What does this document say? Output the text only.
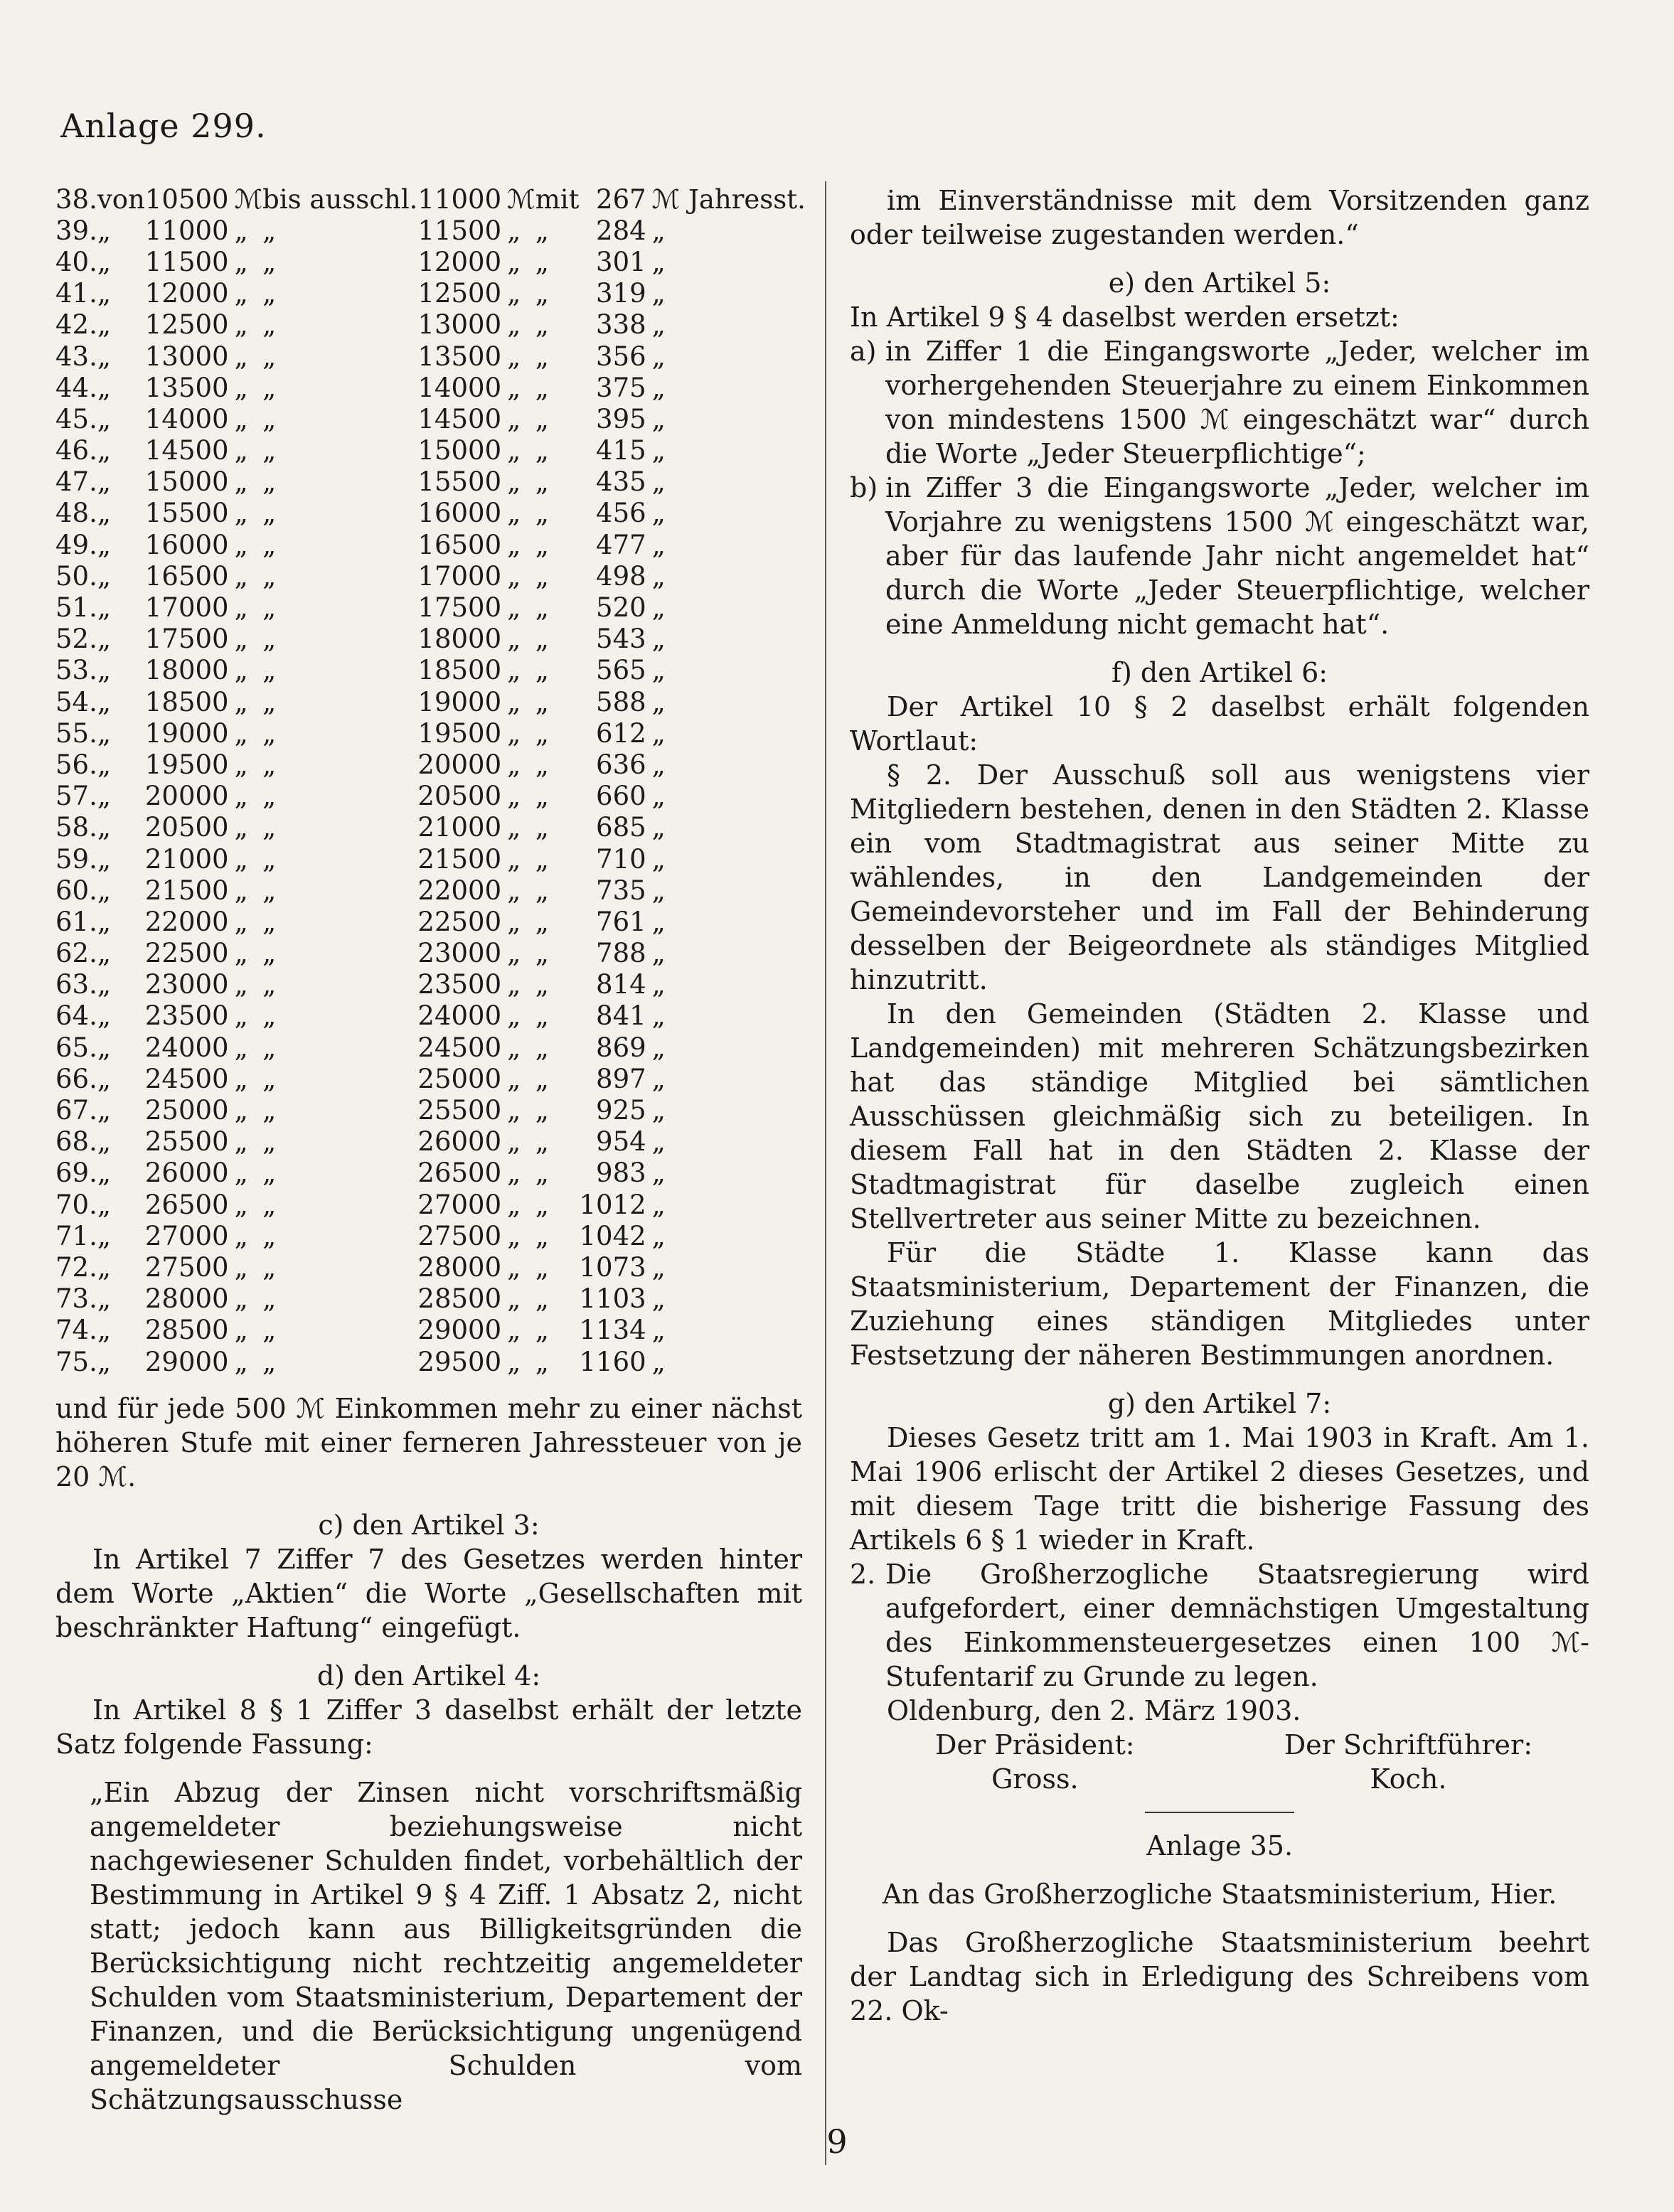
Anlage 299.
38.	von	10500	ℳ	bis ausschl.	11000	ℳ	mit	267	ℳ Jahresst.
39.	„	11000	„	„	11500	„	„	284	„
40.	„	11500	„	„	12000	„	„	301	„
41.	„	12000	„	„	12500	„	„	319	„
42.	„	12500	„	„	13000	„	„	338	„
43.	„	13000	„	„	13500	„	„	356	„
44.	„	13500	„	„	14000	„	„	375	„
45.	„	14000	„	„	14500	„	„	395	„
46.	„	14500	„	„	15000	„	„	415	„
47.	„	15000	„	„	15500	„	„	435	„
48.	„	15500	„	„	16000	„	„	456	„
49.	„	16000	„	„	16500	„	„	477	„
50.	„	16500	„	„	17000	„	„	498	„
51.	„	17000	„	„	17500	„	„	520	„
52.	„	17500	„	„	18000	„	„	543	„
53.	„	18000	„	„	18500	„	„	565	„
54.	„	18500	„	„	19000	„	„	588	„
55.	„	19000	„	„	19500	„	„	612	„
56.	„	19500	„	„	20000	„	„	636	„
57.	„	20000	„	„	20500	„	„	660	„
58.	„	20500	„	„	21000	„	„	685	„
59.	„	21000	„	„	21500	„	„	710	„
60.	„	21500	„	„	22000	„	„	735	„
61.	„	22000	„	„	22500	„	„	761	„
62.	„	22500	„	„	23000	„	„	788	„
63.	„	23000	„	„	23500	„	„	814	„
64.	„	23500	„	„	24000	„	„	841	„
65.	„	24000	„	„	24500	„	„	869	„
66.	„	24500	„	„	25000	„	„	897	„
67.	„	25000	„	„	25500	„	„	925	„
68.	„	25500	„	„	26000	„	„	954	„
69.	„	26000	„	„	26500	„	„	983	„
70.	„	26500	„	„	27000	„	„	1012	„
71.	„	27000	„	„	27500	„	„	1042	„
72.	„	27500	„	„	28000	„	„	1073	„
73.	„	28000	„	„	28500	„	„	1103	„
74.	„	28500	„	„	29000	„	„	1134	„
75.	„	29000	„	„	29500	„	„	1160	„

und für jede 500 ℳ Einkommen mehr zu einer nächst höheren Stufe mit einer ferneren Jahressteuer von je 20 ℳ.

c) den Artikel 3:

In Artikel 7 Ziffer 7 des Gesetzes werden hinter dem Worte „Aktien“ die Worte „Gesellschaften mit beschränkter Haftung“ eingefügt.

d) den Artikel 4:

In Artikel 8 § 1 Ziffer 3 daselbst erhält der letzte Satz folgende Fassung:

„Ein Abzug der Zinsen nicht vorschriftsmäßig angemeldeter beziehungsweise nicht nachgewiesener Schulden findet, vorbehältlich der Bestimmung in Artikel 9 § 4 Ziff. 1 Absatz 2, nicht statt; jedoch kann aus Billigkeitsgründen die Berücksichtigung nicht rechtzeitig angemeldeter Schulden vom Staatsministerium, Departement der Finanzen, und die Berücksichtigung ungenügend angemeldeter Schulden vom Schätzungsausschusse

im Einverständnisse mit dem Vorsitzenden ganz oder teilweise zugestanden werden.“

e) den Artikel 5:

In Artikel 9 § 4 daselbst werden ersetzt:

a) in Ziffer 1 die Eingangsworte „Jeder, welcher im vorhergehenden Steuerjahre zu einem Einkommen von mindestens 1500 ℳ eingeschätzt war“ durch die Worte „Jeder Steuerpflichtige“;
b) in Ziffer 3 die Eingangsworte „Jeder, welcher im Vorjahre zu wenigstens 1500 ℳ eingeschätzt war, aber für das laufende Jahr nicht angemeldet hat“ durch die Worte „Jeder Steuerpflichtige, welcher eine Anmeldung nicht gemacht hat“.

f) den Artikel 6:

Der Artikel 10 § 2 daselbst erhält folgenden Wortlaut:

§ 2. Der Ausschuß soll aus wenigstens vier Mitgliedern bestehen, denen in den Städten 2. Klasse ein vom Stadtmagistrat aus seiner Mitte zu wählendes, in den Landgemeinden der Gemeindevorsteher und im Fall der Behinderung desselben der Beigeordnete als ständiges Mitglied hinzutritt.

In den Gemeinden (Städten 2. Klasse und Landgemeinden) mit mehreren Schätzungsbezirken hat das ständige Mitglied bei sämtlichen Ausschüssen gleichmäßig sich zu beteiligen. In diesem Fall hat in den Städten 2. Klasse der Stadtmagistrat für daselbe zugleich einen Stellvertreter aus seiner Mitte zu bezeichnen.

Für die Städte 1. Klasse kann das Staatsministerium, Departement der Finanzen, die Zuziehung eines ständigen Mitgliedes unter Festsetzung der näheren Bestimmungen anordnen.

g) den Artikel 7:

Dieses Gesetz tritt am 1. Mai 1903 in Kraft. Am 1. Mai 1906 erlischt der Artikel 2 dieses Gesetzes, und mit diesem Tage tritt die bisherige Fassung des Artikels 6 § 1 wieder in Kraft.

2. Die Großherzogliche Staatsregierung wird aufgefordert, einer demnächstigen Umgestaltung des Einkommensteuergesetzes einen 100 ℳ-Stufentarif zu Grunde zu legen.

Oldenburg, den 2. März 1903.

Der Präsident:
Gross.
Der Schriftführer:
Koch.

Anlage 35.

An das Großherzogliche Staatsministerium, Hier.

Das Großherzogliche Staatsministerium beehrt der Landtag sich in Erledigung des Schreibens vom 22. Ok-

9
